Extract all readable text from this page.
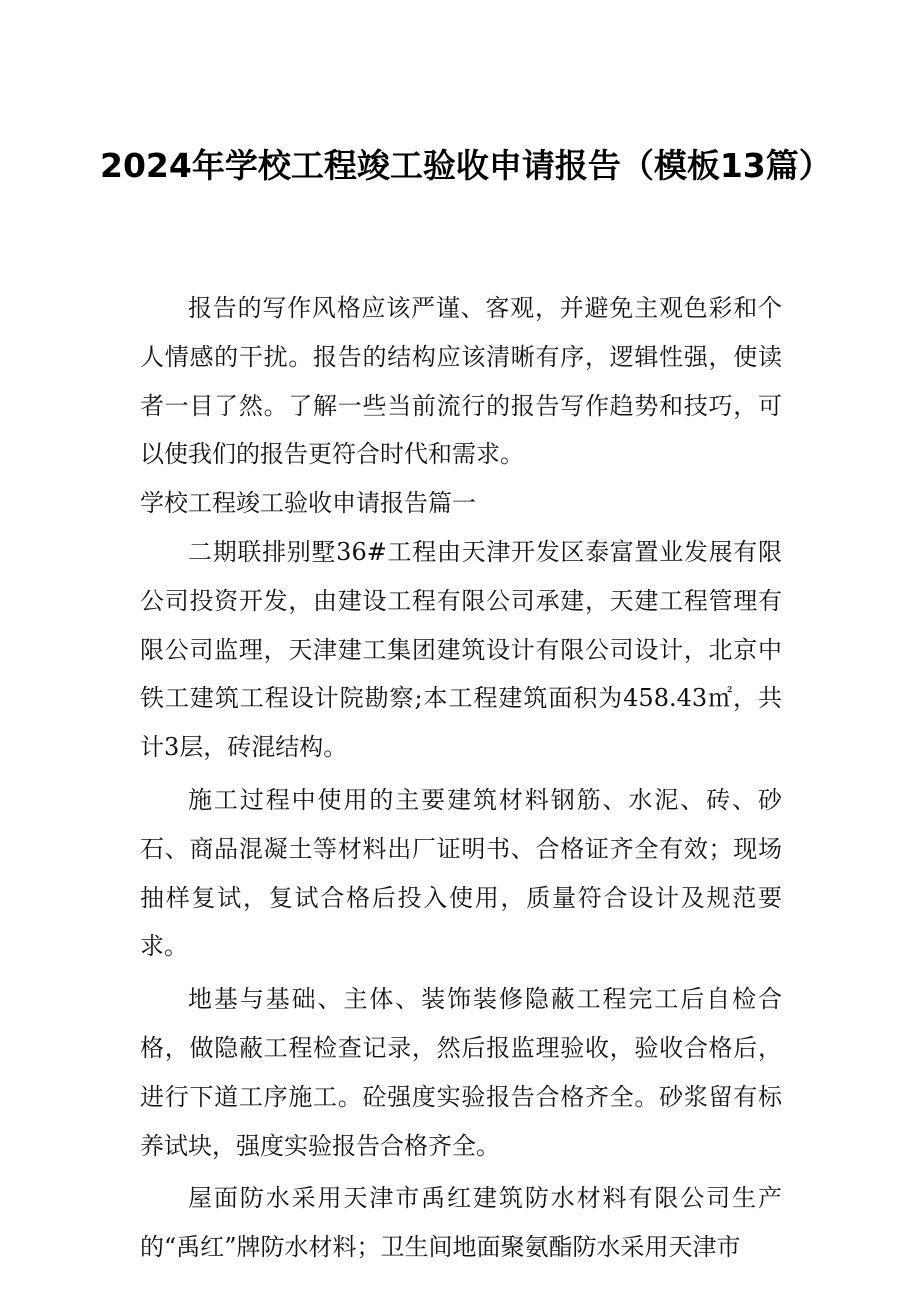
2024年学校工程竣工验收申请报告（模板13篇）

报告的写作风格应该严谨、客观，并避免主观色彩和个人情感的干扰。报告的结构应该清晰有序，逻辑性强，使读者一目了然。了解一些当前流行的报告写作趋势和技巧，可以使我们的报告更符合时代和需求。

学校工程竣工验收申请报告篇一

二期联排别墅36#工程由天津开发区泰富置业发展有限公司投资开发，由建设工程有限公司承建，天建工程管理有限公司监理，天津建工集团建筑设计有限公司设计，北京中铁工建筑工程设计院勘察;本工程建筑面积为458.43㎡，共计3层，砖混结构。

施工过程中使用的主要建筑材料钢筋、水泥、砖、砂石、商品混凝土等材料出厂证明书、合格证齐全有效；现场抽样复试，复试合格后投入使用，质量符合设计及规范要求。

地基与基础、主体、装饰装修隐蔽工程完工后自检合格，做隐蔽工程检查记录，然后报监理验收，验收合格后，进行下道工序施工。砼强度实验报告合格齐全。砂浆留有标养试块，强度实验报告合格齐全。

屋面防水采用天津市禹红建筑防水材料有限公司生产的“禹红”牌防水材料；卫生间地面聚氨酯防水采用天津市
